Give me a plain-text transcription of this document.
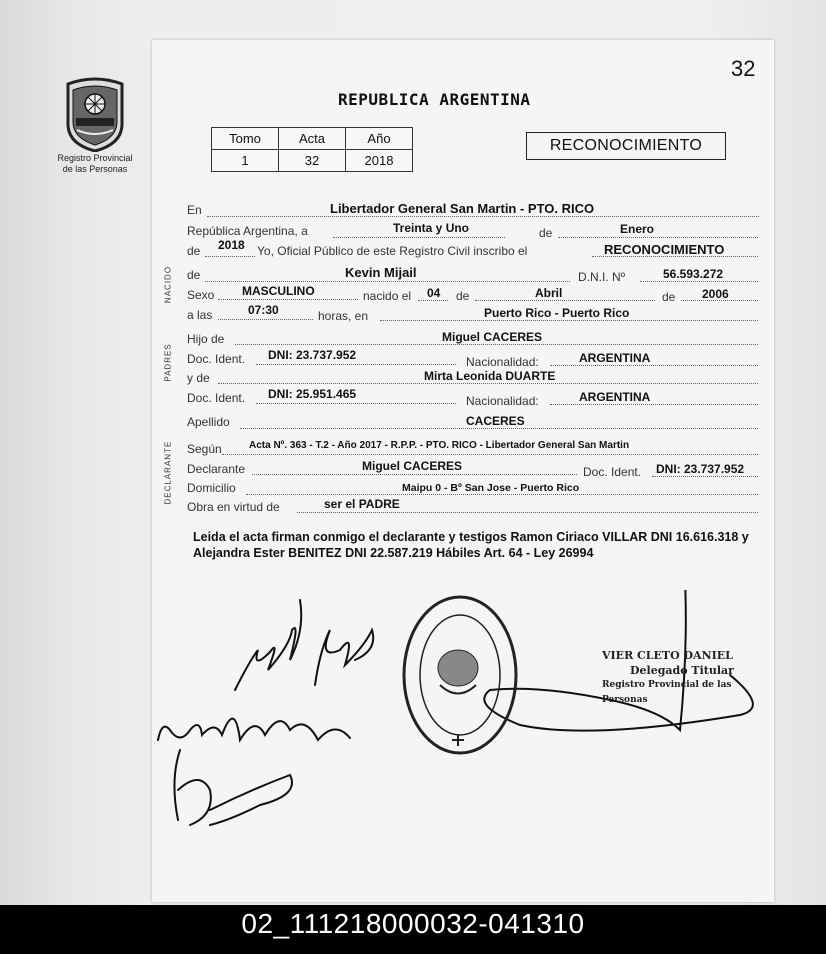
32
Registro Provincial
de las Personas
REPUBLICA ARGENTINA
Tomo	Acta	Año
1	32	2018
RECONOCIMIENTO
En	Libertador General San Martin - PTO. RICO
República Argentina, a	Treinta y Uno	de	Enero
de 2018 Yo, Oficial Público de este Registro Civil inscribo el	RECONOCIMIENTO
de	Kevin Mijail	D.N.I. Nº	56.593.272
Sexo MASCULINO	nacido el 04 de	Abril	de 2006
a las	07:30	horas, en	Puerto Rico - Puerto Rico
NACIDO
Hijo de	Miguel CACERES
Doc. Ident. DNI: 23.737.952	Nacionalidad:	ARGENTINA
y de	Mirta Leonida DUARTE
Doc. Ident. DNI: 25.951.465	Nacionalidad:	ARGENTINA
PADRES
Apellido	CACERES
Según	Acta Nº. 363 - T.2 - Año 2017 - R.P.P. - PTO. RICO - Libertador General San Martin
Declarante	Miguel CACERES	Doc. Ident. DNI: 23.737.952
Domicilio	Maipu 0 - Bº San Jose - Puerto Rico
Obra en virtud de	ser el PADRE
DECLARANTE
Leida el acta firman conmigo el declarante y testigos Ramon Ciriaco VILLAR DNI 16.616.318 y Alejandra Ester BENITEZ DNI 22.587.219 Hábiles Art. 64 - Ley 26994
VIER CLETO DANIEL
Delegado Titular
Registro Provincial de las Personas
02_111218000032-041310
